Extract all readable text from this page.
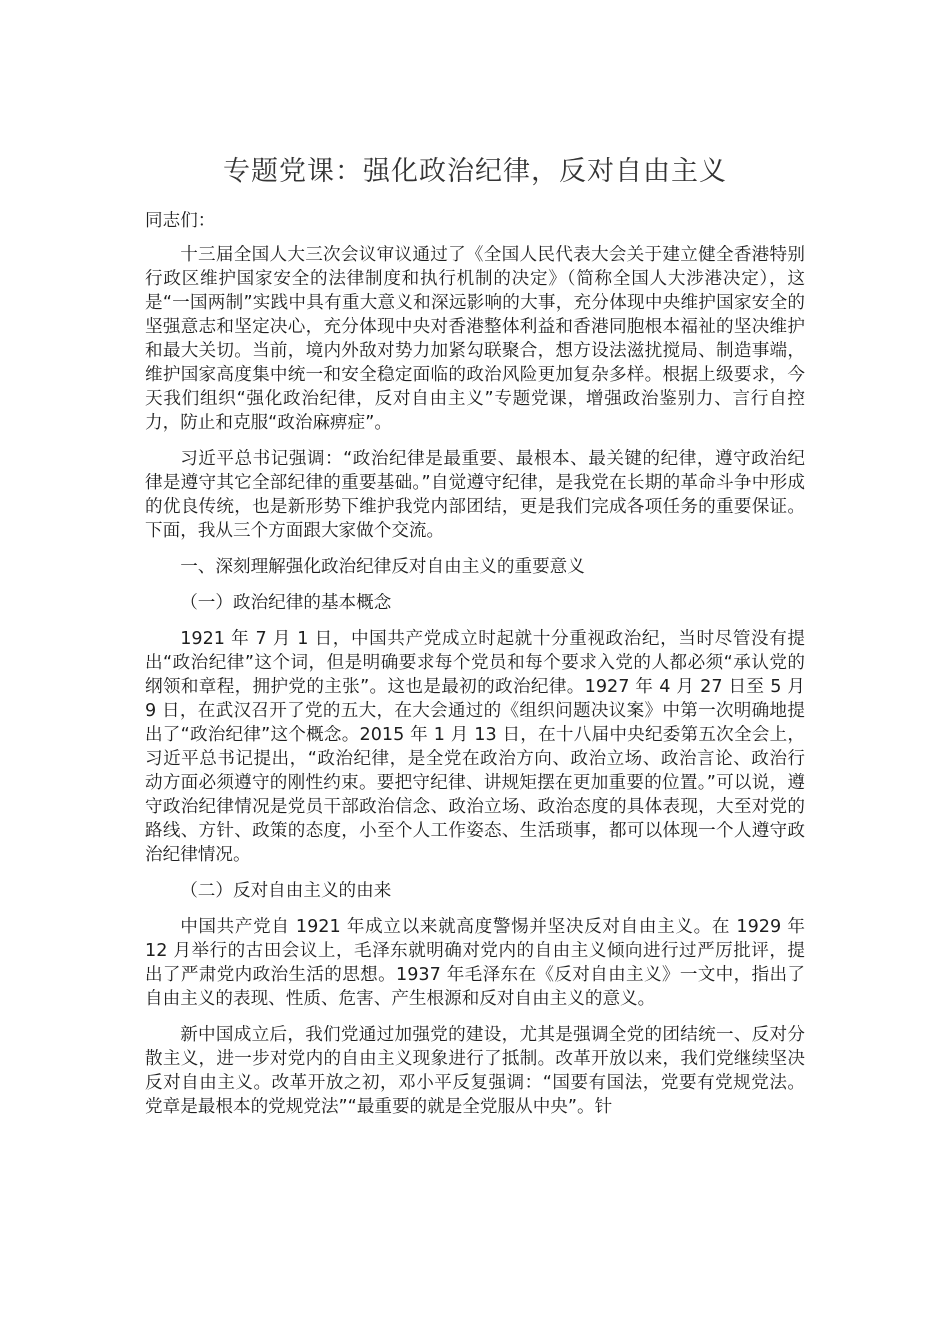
专题党课：强化政治纪律，反对自由主义

同志们：

十三届全国人大三次会议审议通过了《全国人民代表大会关于建立健全香港特别行政区维护国家安全的法律制度和执行机制的决定》（简称全国人大涉港决定），这是“一国两制”实践中具有重大意义和深远影响的大事，充分体现中央维护国家安全的坚强意志和坚定决心，充分体现中央对香港整体利益和香港同胞根本福祉的坚决维护和最大关切。当前，境内外敌对势力加紧勾联聚合，想方设法滋扰搅局、制造事端，维护国家高度集中统一和安全稳定面临的政治风险更加复杂多样。根据上级要求，今天我们组织“强化政治纪律，反对自由主义”专题党课，增强政治鉴别力、言行自控力，防止和克服“政治麻痹症”。

习近平总书记强调：“政治纪律是最重要、最根本、最关键的纪律，遵守政治纪律是遵守其它全部纪律的重要基础。”自觉遵守纪律，是我党在长期的革命斗争中形成的优良传统，也是新形势下维护我党内部团结，更是我们完成各项任务的重要保证。下面，我从三个方面跟大家做个交流。

一、深刻理解强化政治纪律反对自由主义的重要意义

（一）政治纪律的基本概念

1921 年 7 月 1 日，中国共产党成立时起就十分重视政治纪，当时尽管没有提出“政治纪律”这个词，但是明确要求每个党员和每个要求入党的人都必须“承认党的纲领和章程，拥护党的主张”。这也是最初的政治纪律。1927 年 4 月 27 日至 5 月 9 日，在武汉召开了党的五大，在大会通过的《组织问题决议案》中第一次明确地提出了“政治纪律”这个概念。2015 年 1 月 13 日，在十八届中央纪委第五次全会上，习近平总书记提出，“政治纪律，是全党在政治方向、政治立场、政治言论、政治行动方面必须遵守的刚性约束。要把守纪律、讲规矩摆在更加重要的位置。”可以说，遵守政治纪律情况是党员干部政治信念、政治立场、政治态度的具体表现，大至对党的路线、方针、政策的态度，小至个人工作姿态、生活琐事，都可以体现一个人遵守政治纪律情况。

（二）反对自由主义的由来

中国共产党自 1921 年成立以来就高度警惕并坚决反对自由主义。在 1929 年 12 月举行的古田会议上，毛泽东就明确对党内的自由主义倾向进行过严厉批评，提出了严肃党内政治生活的思想。1937 年毛泽东在《反对自由主义》一文中，指出了自由主义的表现、性质、危害、产生根源和反对自由主义的意义。

新中国成立后，我们党通过加强党的建设，尤其是强调全党的团结统一、反对分散主义，进一步对党内的自由主义现象进行了抵制。改革开放以来，我们党继续坚决反对自由主义。改革开放之初，邓小平反复强调：“国要有国法，党要有党规党法。党章是最根本的党规党法”“最重要的就是全党服从中央”。针
